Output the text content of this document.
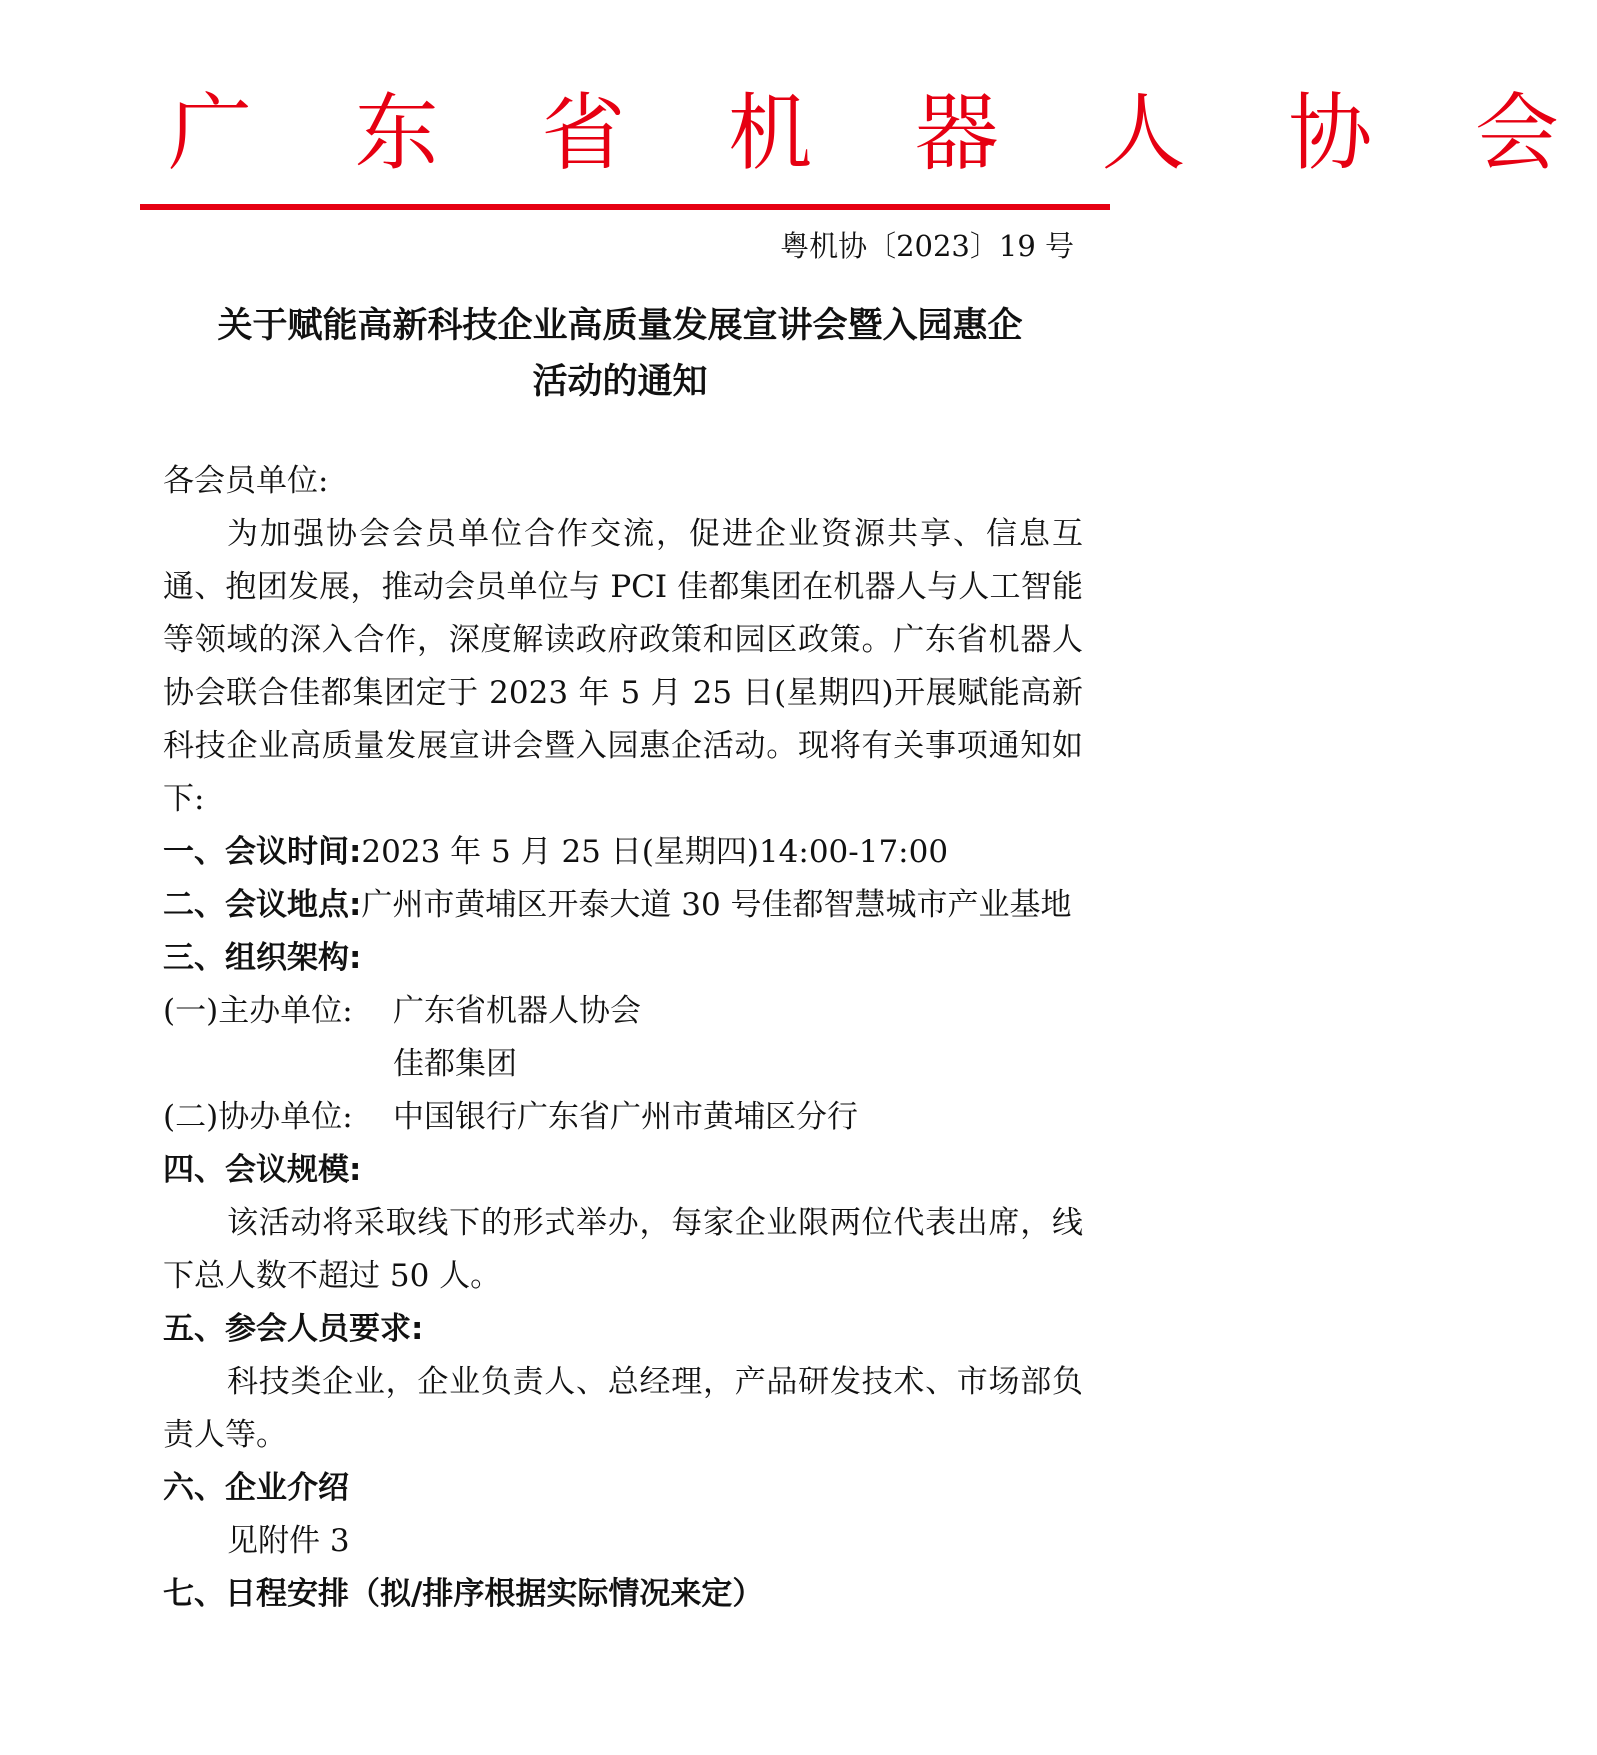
广 东 省 机 器 人 协 会
粤机协〔2023〕19 号
关于赋能高新科技企业高质量发展宣讲会暨入园惠企
活动的通知

各会员单位:

为加强协会会员单位合作交流，促进企业资源共享、信息互通、抱团发展，推动会员单位与 PCI 佳都集团在机器人与人工智能等领域的深入合作，深度解读政府政策和园区政策。广东省机器人协会联合佳都集团定于 2023 年 5 月 25 日(星期四)开展赋能高新科技企业高质量发展宣讲会暨入园惠企活动。现将有关事项通知如下:

一、会议时间:2023 年 5 月 25 日(星期四)14:00-17:00

二、会议地点:广州市黄埔区开泰大道 30 号佳都智慧城市产业基地

三、组织架构:

(一)主办单位:	广东省机器人协会

佳都集团

(二)协办单位:	中国银行广东省广州市黄埔区分行

四、会议规模:

该活动将采取线下的形式举办，每家企业限两位代表出席，线下总人数不超过 50 人。

五、参会人员要求:

科技类企业，企业负责人、总经理，产品研发技术、市场部负责人等。

六、企业介绍

见附件 3

七、日程安排（拟/排序根据实际情况来定）
